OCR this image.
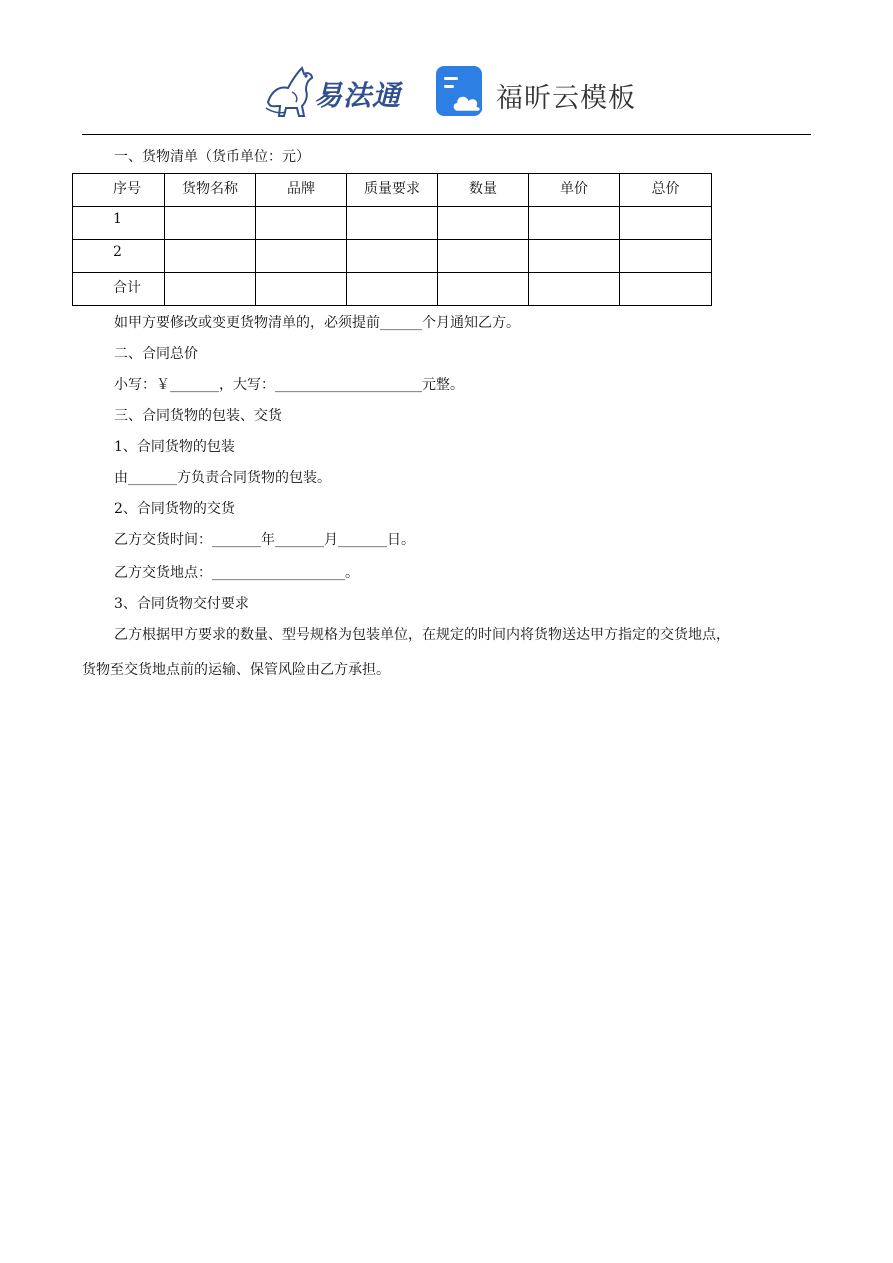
易法通	福昕云模板
一、货物清单（货币单位：元）
序号	货物名称	品牌	质量要求	数量	单价	总价

1						

2						

合计						

如甲方要修改或变更货物清单的，必须提前______个月通知乙方。
二、合同总价
小写：￥_______，大写：_____________________元整。
三、合同货物的包装、交货
1、合同货物的包装
由_______方负责合同货物的包装。
2、合同货物的交货
乙方交货时间：_______年_______月_______日。
乙方交货地点：___________________。
3、合同货物交付要求
乙方根据甲方要求的数量、型号规格为包装单位，在规定的时间内将货物送达甲方指定的交货地点，
货物至交货地点前的运输、保管风险由乙方承担。
